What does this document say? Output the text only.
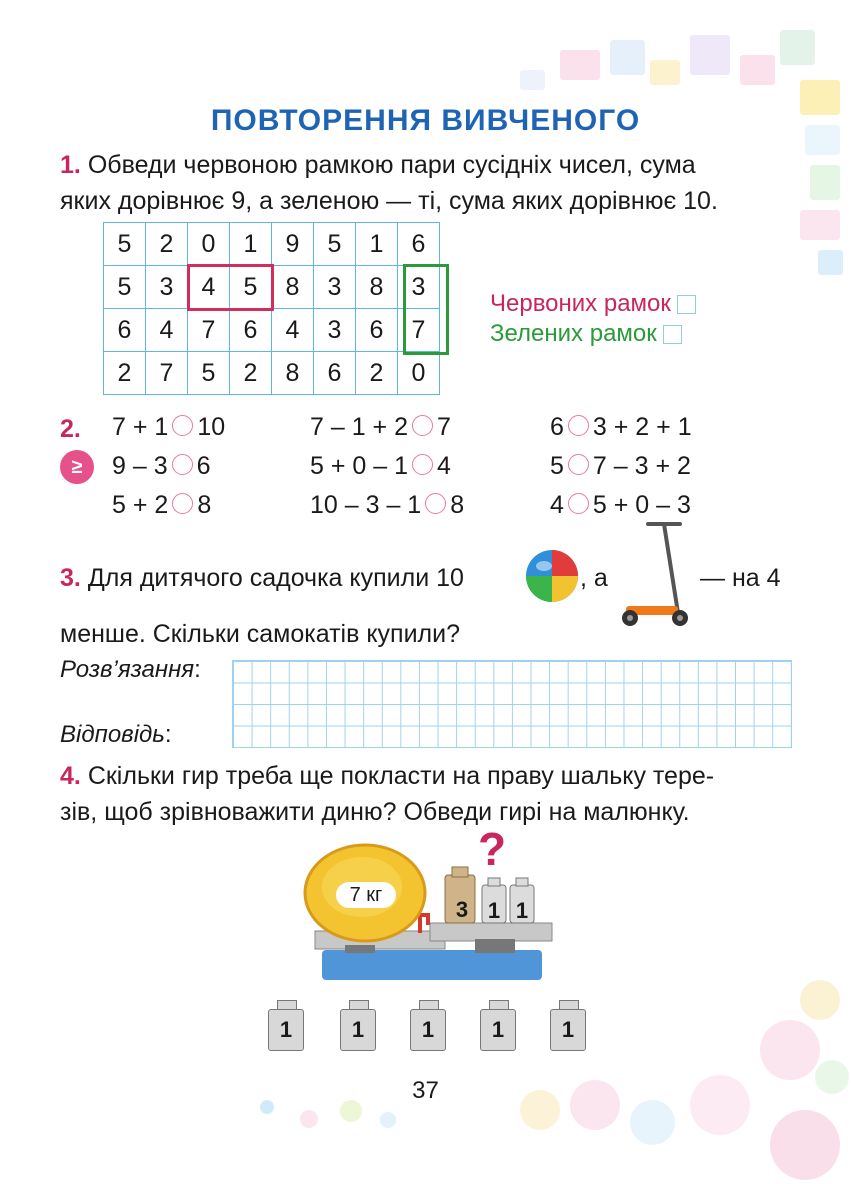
ПОВТОРЕННЯ ВИВЧЕНОГО
1. Обведи червоною рамкою пари сусідніх чисел, сума
яких дорівнює 9, а зеленою — ті, сума яких дорівнює 10.
5	2	0	1	9	5	1	6
5	3	4	5	8	3	8	3
6	4	7	6	4	3	6	7
2	7	5	2	8	6	2	0
Червоних рамок
Зелених рамок
2.
≥
7 + 1 10
9 – 3 6
5 + 2 8
7 – 1 + 2 7
5 + 0 – 1 4
10 – 3 – 1 8
6 3 + 2 + 1
5 7 – 3 + 2
4 5 + 0 – 3
3. Для дитячого садочка купили 10	, а	— на 4
менше. Скільки самокатів купили?
Розв’язання:
Відповідь:
4. Скільки гир треба ще покласти на праву шальку терe-
зів, щоб зрівноважити диню? Обведи гирі на малюнку.
7 кг
?
3 1 1
1	1	1	1	1
37
